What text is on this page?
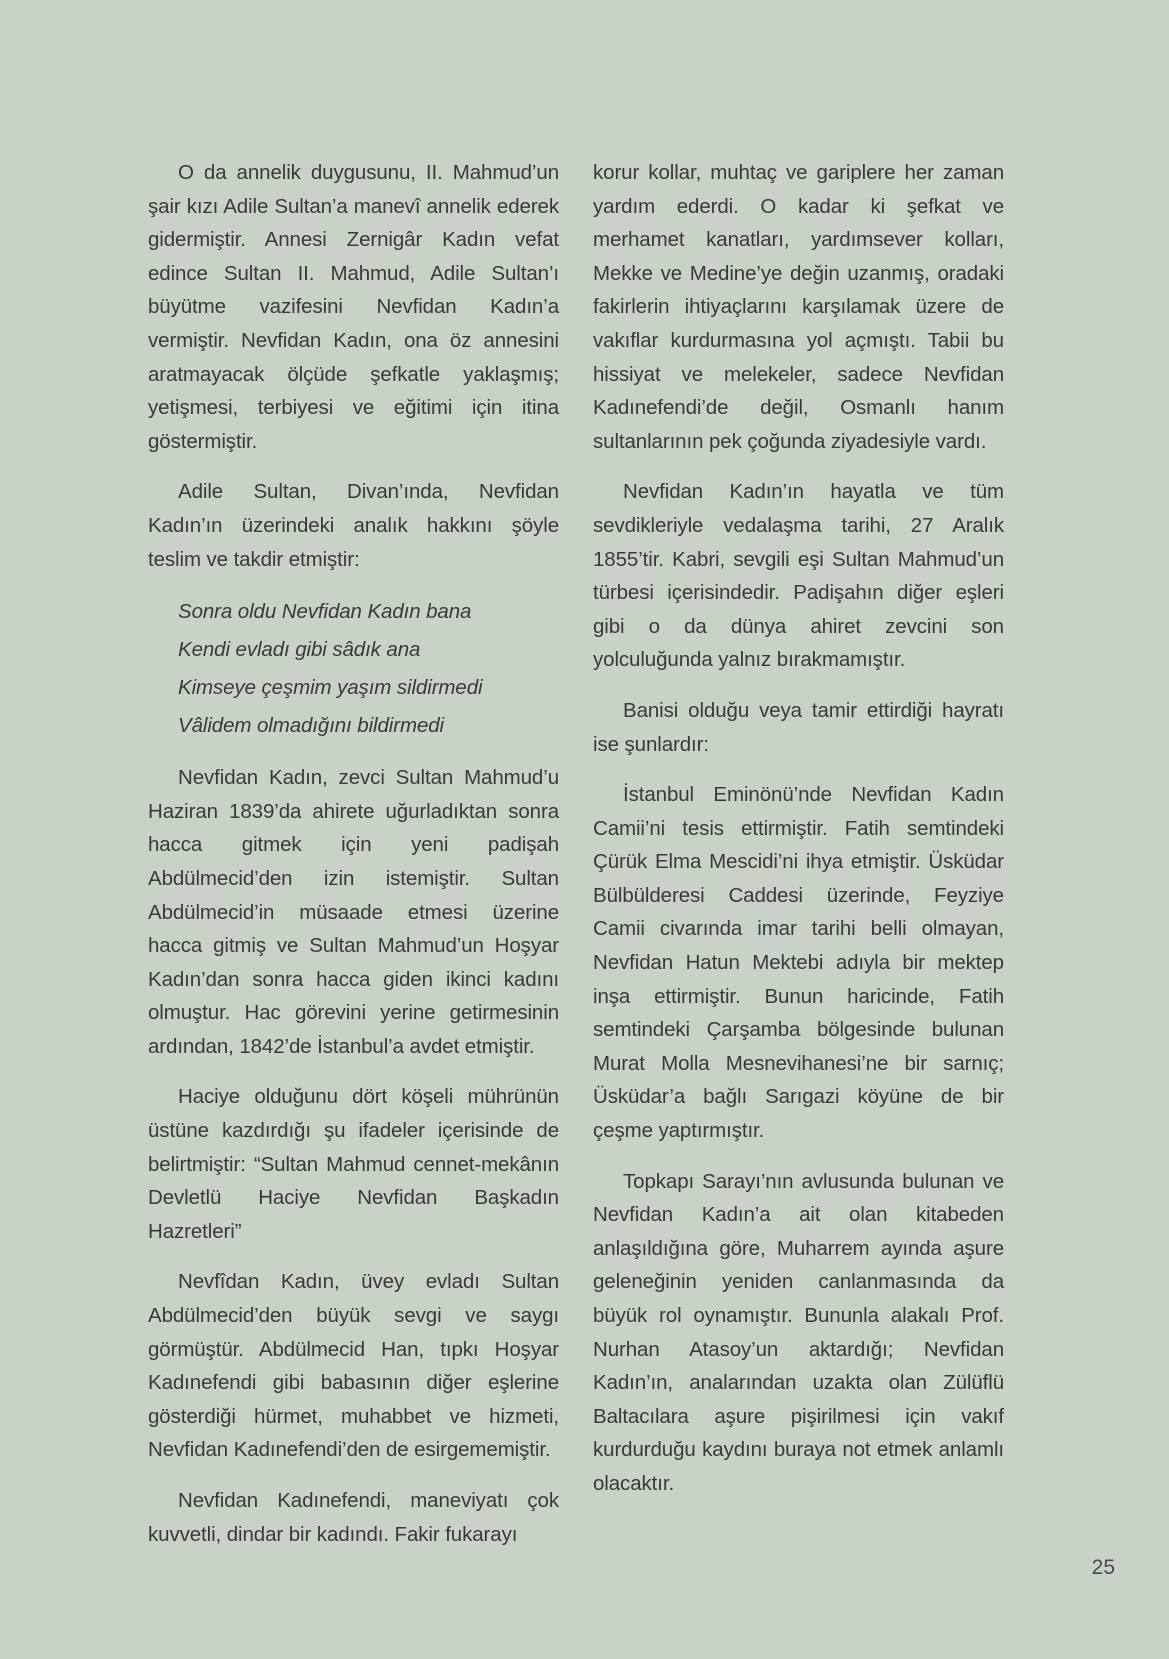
O da annelik duygusunu, II. Mahmud’un şair kızı Adile Sultan’a manevî annelik ederek gidermiştir. Annesi Zernigâr Kadın vefat edince Sultan II. Mahmud, Adile Sultan’ı büyütme vazifesini Nevfidan Kadın’a vermiştir. Nevfidan Kadın, ona öz annesini aratmayacak ölçüde şefkatle yaklaşmış; yetişmesi, terbiyesi ve eğitimi için itina göstermiştir.

Adile Sultan, Divan’ında, Nevfidan Kadın’ın üzerindeki analık hakkını şöyle teslim ve takdir etmiştir:

Sonra oldu Nevfidan Kadın bana
Kendi evladı gibi sâdık ana
Kimseye çeşmim yaşım sildirmedi
Vâlidem olmadığını bildirmedi

Nevfidan Kadın, zevci Sultan Mahmud’u Haziran 1839’da ahirete uğurladıktan sonra hacca gitmek için yeni padişah Abdülmecid’den izin istemiştir. Sultan Abdülmecid’in müsaade etmesi üzerine hacca gitmiş ve Sultan Mahmud’un Hoşyar Kadın’dan sonra hacca giden ikinci kadını olmuştur. Hac görevini yerine getirmesinin ardından, 1842’de İstanbul’a avdet etmiştir.

Haciye olduğunu dört köşeli mührünün üstüne kazdırdığı şu ifadeler içerisinde de belirtmiştir: “Sultan Mahmud cennet-mekânın Devletlü Haciye Nevfidan Başkadın Hazretleri”

Nevfîdan Kadın, üvey evladı Sultan Abdülmecid’den büyük sevgi ve saygı görmüştür. Abdülmecid Han, tıpkı Hoşyar Kadınefendi gibi babasının diğer eşlerine gösterdiği hürmet, muhabbet ve hizmeti, Nevfidan Kadınefendi’den de esirgememiştir.

Nevfidan Kadınefendi, maneviyatı çok kuvvetli, dindar bir kadındı. Fakir fukarayı

korur kollar, muhtaç ve gariplere her zaman yardım ederdi. O kadar ki şefkat ve merhamet kanatları, yardımsever kolları, Mekke ve Medine’ye değin uzanmış, oradaki fakirlerin ihtiyaçlarını karşılamak üzere de vakıflar kurdurmasına yol açmıştı. Tabii bu hissiyat ve melekeler, sadece Nevfidan Kadınefendi’de değil, Osmanlı hanım sultanlarının pek çoğunda ziyadesiyle vardı.

Nevfidan Kadın’ın hayatla ve tüm sevdikleriyle vedalaşma tarihi, 27 Aralık 1855’tir. Kabri, sevgili eşi Sultan Mahmud’un türbesi içerisindedir. Padişahın diğer eşleri gibi o da dünya ahiret zevcini son yolculuğunda yalnız bırakmamıştır.

Banisi olduğu veya tamir ettirdiği hayratı ise şunlardır:

İstanbul Eminönü’nde Nevfidan Kadın Camii’ni tesis ettirmiştir. Fatih semtindeki Çürük Elma Mescidi’ni ihya etmiştir. Üsküdar Bülbülderesi Caddesi üzerinde, Feyziye Camii civarında imar tarihi belli olmayan, Nevfidan Hatun Mektebi adıyla bir mektep inşa ettirmiştir. Bunun haricinde, Fatih semtindeki Çarşamba bölgesinde bulunan Murat Molla Mesnevihanesi’ne bir sarnıç; Üsküdar’a bağlı Sarıgazi köyüne de bir çeşme yaptırmıştır.

Topkapı Sarayı’nın avlusunda bulunan ve Nevfidan Kadın’a ait olan kitabeden anlaşıldığına göre, Muharrem ayında aşure geleneğinin yeniden canlanmasında da büyük rol oynamıştır. Bununla alakalı Prof. Nurhan Atasoy’un aktardığı; Nevfidan Kadın’ın, analarından uzakta olan Zülüflü Baltacılara aşure pişirilmesi için vakıf kurdurduğu kaydını buraya not etmek anlamlı olacaktır.

25
